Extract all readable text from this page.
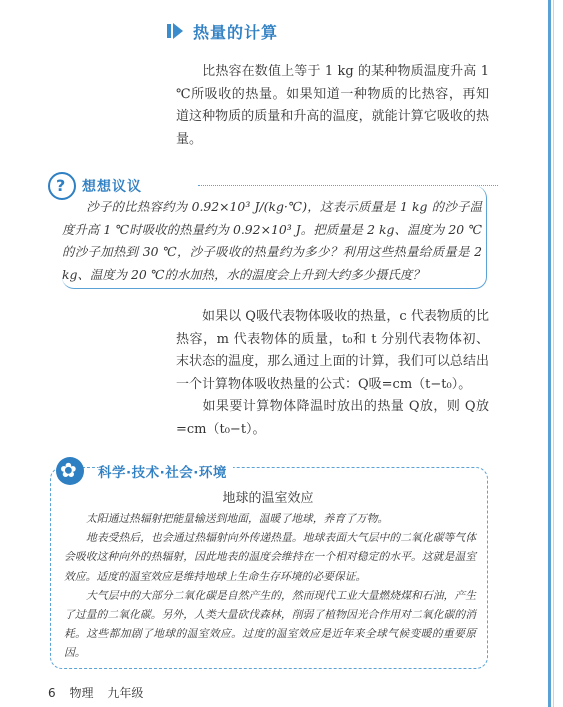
热量的计算
比热容在数值上等于 1 kg 的某种物质温度升高 1 ℃所吸收的热量。如果知道一种物质的比热容，再知道这种物质的质量和升高的温度，就能计算它吸收的热量。
? 想想议议
沙子的比热容约为 0.92×10³ J/(kg·℃)，这表示质量是 1 kg 的沙子温度升高 1 ℃时吸收的热量约为 0.92×10³ J。把质量是 2 kg、温度为 20 ℃的沙子加热到 30 ℃，沙子吸收的热量约为多少？利用这些热量给质量是 2 kg、温度为 20 ℃的水加热，水的温度会上升到大约多少摄氏度？
如果以 Q吸代表物体吸收的热量，c 代表物质的比热容，m 代表物体的质量，t₀和 t 分别代表物体初、末状态的温度，那么通过上面的计算，我们可以总结出一个计算物体吸收热量的公式：Q吸=cm（t−t₀）。
如果要计算物体降温时放出的热量 Q放，则 Q放=cm（t₀−t）。
✿ 科学·技术·社会·环境
地球的温室效应
太阳通过热辐射把能量输送到地面，温暖了地球，养育了万物。
地表受热后，也会通过热辐射向外传递热量。地球表面大气层中的二氧化碳等气体会吸收这种向外的热辐射，因此地表的温度会维持在一个相对稳定的水平。这就是温室效应。适度的温室效应是维持地球上生命生存环境的必要保证。
大气层中的大部分二氧化碳是自然产生的，然而现代工业大量燃烧煤和石油，产生了过量的二氧化碳。另外，人类大量砍伐森林，削弱了植物因光合作用对二氧化碳的消耗。这些都加剧了地球的温室效应。过度的温室效应是近年来全球气候变暖的重要原因。
6 物理 九年级
